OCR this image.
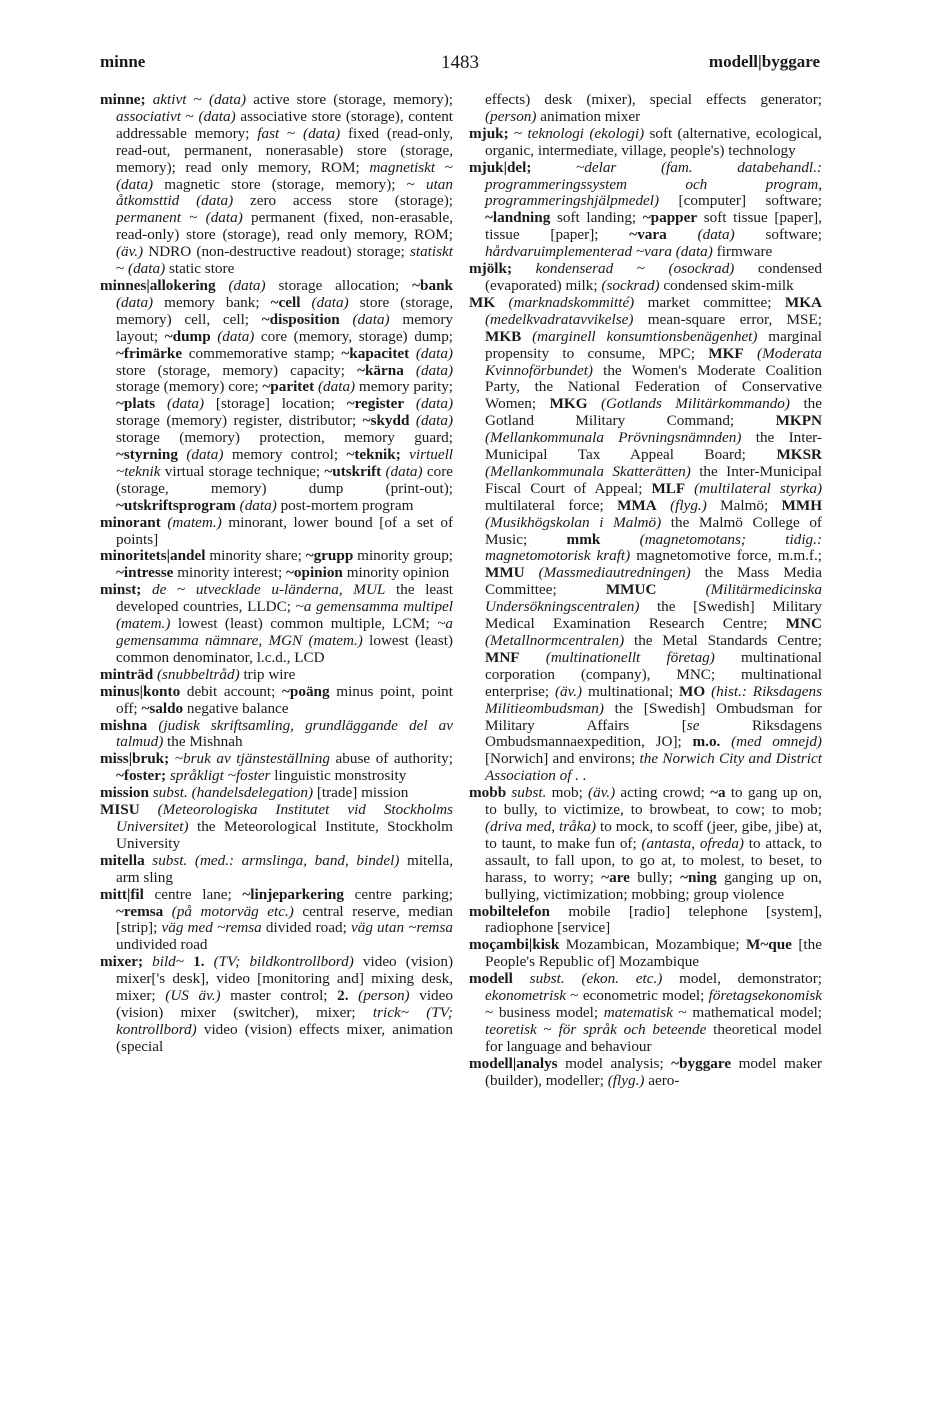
minne	1483	modell|byggare
minne; aktivt ~ (data) active store (storage, memory); associativt ~ (data) associative store (storage), content addressable memory; fast ~ (data) fixed (read-only, read-out, permanent, nonerasable) store (storage, memory); read only memory, ROM; magnetiskt ~ (data) magnetic store (storage, memory); ~ utan åtkomsttid (data) zero access store (storage); permanent ~ (data) permanent (fixed, non-erasable, read-only) store (storage), read only memory, ROM; (äv.) NDRO (non-destructive readout) storage; statiskt ~ (data) static store
minnes|allokering (data) storage allocation; ~bank (data) memory bank; ~cell (data) store (storage, memory) cell, cell; ~disposition (data) memory layout; ~dump (data) core (memory, storage) dump; ~frimärke commemorative stamp; ~kapacitet (data) store (storage, memory) capacity; ~kärna (data) storage (memory) core; ~paritet (data) memory parity; ~plats (data) [storage] location; ~register (data) storage (memory) register, distributor; ~skydd (data) storage (memory) protection, memory guard; ~styrning (data) memory control; ~teknik; virtuell ~teknik virtual storage technique; ~utskrift (data) core (storage, memory) dump (print-out); ~utskriftsprogram (data) post-mortem program
minorant (matem.) minorant, lower bound [of a set of points]
minoritets|andel minority share; ~grupp minority group; ~intresse minority interest; ~opinion minority opinion
minst; de ~ utvecklade u-länderna, MUL the least developed countries, LLDC; ~a gemensamma multipel (matem.) lowest (least) common multiple, LCM; ~a gemensamma nämnare, MGN (matem.) lowest (least) common denominator, l.c.d., LCD
minträd (snubbeltråd) trip wire
minus|konto debit account; ~poäng minus point, point off; ~saldo negative balance
mishna (judisk skriftsamling, grundläggande del av talmud) the Mishnah
miss|bruk; ~bruk av tjänsteställning abuse of authority; ~foster; språkligt ~foster linguistic monstrosity
mission subst. (handelsdelegation) [trade] mission
MISU (Meteorologiska Institutet vid Stockholms Universitet) the Meteorological Institute, Stockholm University
mitella subst. (med.: armslinga, band, bindel) mitella, arm sling
mitt|fil centre lane; ~linjeparkering centre parking; ~remsa (på motorväg etc.) central reserve, median [strip]; väg med ~remsa divided road; väg utan ~remsa undivided road
mixer; bild~ 1. (TV; bildkontrollbord) video (vision) mixer['s desk], video [monitoring and] mixing desk, mixer; (US äv.) master control; 2. (person) video (vision) mixer (switcher), mixer; trick~ (TV; kontrollbord) video (vision) effects mixer, animation (special
effects) desk (mixer), special effects generator; (person) animation mixer
mjuk; ~ teknologi (ekologi) soft (alternative, ecological, organic, intermediate, village, people's) technology
mjuk|del;	~delar (fam. databehandl.: programmeringssystem och program, programmeringshjälpmedel) [computer] software; ~landning soft landing; ~papper soft tissue [paper], tissue [paper]; ~vara (data) software; hårdvaruimplementerad ~vara (data) firmware
mjölk; kondenserad ~ (osockrad) condensed (evaporated) milk; (sockrad) condensed skim-milk
MK (marknadskommitté) market committee; MKA (medelkvadratavvikelse) mean-square error, MSE; MKB (marginell konsumtionsbenägenhet) marginal propensity to consume, MPC; MKF (Moderata Kvinnoförbundet) the Women's Moderate Coalition Party, the National Federation of Conservative Women; MKG (Gotlands Militärkommando) the Gotland Military Command; MKPN (Mellankommunala Prövningsnämnden) the Inter-Municipal Tax Appeal Board; MKSR (Mellankommunala Skatterätten) the Inter-Municipal Fiscal Court of Appeal; MLF (multilateral styrka) multilateral force; MMA (flyg.) Malmö; MMH (Musikhögskolan i Malmö) the Malmö College of Music; mmk	(magnetomotans; tidig.: magnetomotorisk kraft) magnetomotive force, m.m.f.; MMU (Massmediautredningen) the Mass Media Committee; MMUC	(Militärmedicinska Undersökningscentralen) the [Swedish] Military Medical Examination Research Centre; MNC (Metallnormcentralen) the Metal Standards Centre; MNF (multinationellt företag) multinational corporation (company), MNC; multinational enterprise; (äv.) multinational; MO (hist.: Riksdagens Militieombudsman) the [Swedish] Ombudsman for Military Affairs [se Riksdagens Ombudsmannaexpedition, JO]; m.o. (med omnejd) [Norwich] and environs; the Norwich City and District Association of . .
mobb subst. mob; (äv.) acting crowd; ~a to gang up on, to bully, to victimize, to browbeat, to cow; to mob; (driva med, tråka) to mock, to scoff (jeer, gibe, jibe) at, to taunt, to make fun of; (antasta, ofreda) to attack, to assault, to fall upon, to go at, to molest, to beset, to harass, to worry; ~are bully; ~ning ganging up on, bullying, victimization; mobbing; group violence
mobiltelefon mobile [radio] telephone [system], radiophone [service]
moçambi|kisk Mozambican, Mozambique; M~que [the People's Republic of] Mozambique
modell subst. (ekon. etc.) model, demonstrator; ekonometrisk ~ econometric model; företagsekonomisk ~ business model; matematisk ~ mathematical model; teoretisk ~ för språk och beteende theoretical model for language and behaviour
modell|analys model analysis; ~byggare model maker (builder), modeller; (flyg.) aero-
